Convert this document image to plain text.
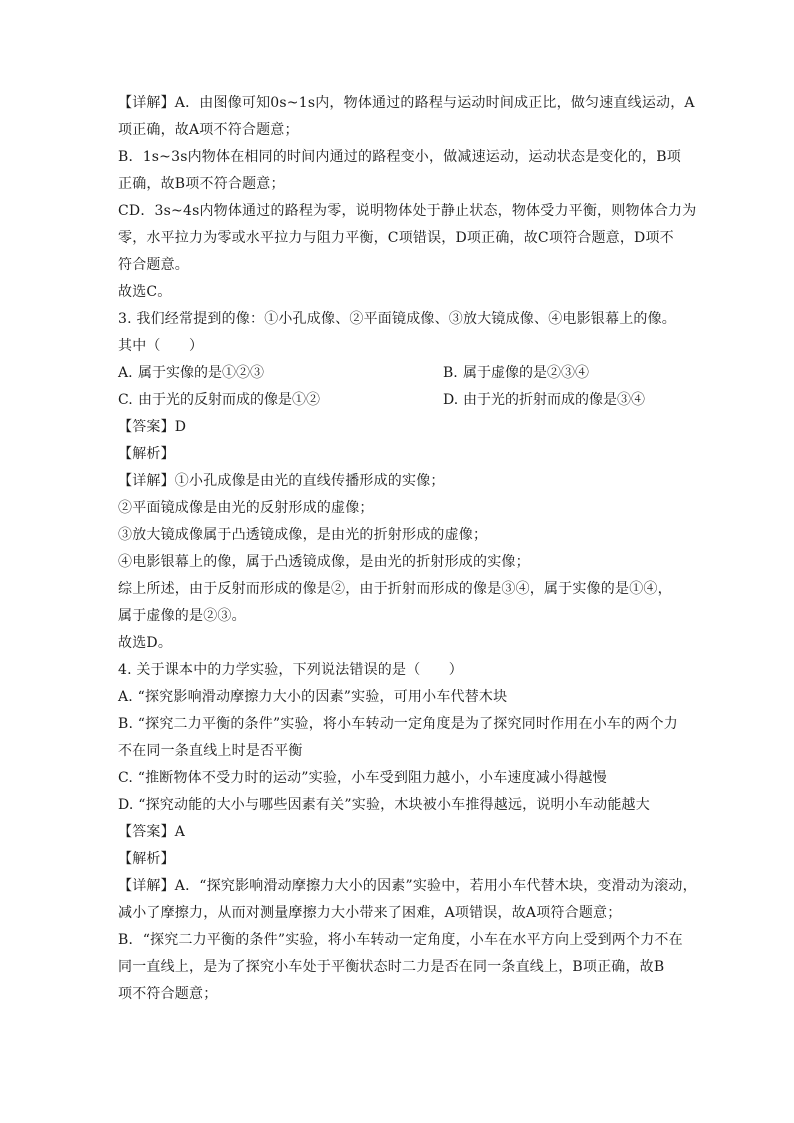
【详解】A．由图像可知0s~1s内，物体通过的路程与运动时间成正比，做匀速直线运动，A
项正确，故A项不符合题意；
B．1s~3s内物体在相同的时间内通过的路程变小，做减速运动，运动状态是变化的，B项
正确，故B项不符合题意；
CD．3s~4s内物体通过的路程为零，说明物体处于静止状态，物体受力平衡，则物体合力为
零，水平拉力为零或水平拉力与阻力平衡，C项错误，D项正确，故C项符合题意，D项不
符合题意。
故选C。
3. 我们经常提到的像：①小孔成像、②平面镜成像、③放大镜成像、④电影银幕上的像。
其中（　　）
A. 属于实像的是①②③	B. 属于虚像的是②③④
C. 由于光的反射而成的像是①②	D. 由于光的折射而成的像是③④
【答案】D
【解析】
【详解】①小孔成像是由光的直线传播形成的实像；
②平面镜成像是由光的反射形成的虚像；
③放大镜成像属于凸透镜成像，是由光的折射形成的虚像；
④电影银幕上的像，属于凸透镜成像，是由光的折射形成的实像；
综上所述，由于反射而形成的像是②，由于折射而形成的像是③④，属于实像的是①④，
属于虚像的是②③。
故选D。
4. 关于课本中的力学实验，下列说法错误的是（　　）
A. “探究影响滑动摩擦力大小的因素”实验，可用小车代替木块
B. “探究二力平衡的条件”实验，将小车转动一定角度是为了探究同时作用在小车的两个力
不在同一条直线上时是否平衡
C. “推断物体不受力时的运动”实验，小车受到阻力越小，小车速度减小得越慢
D. “探究动能的大小与哪些因素有关”实验，木块被小车推得越远，说明小车动能越大
【答案】A
【解析】
【详解】A．“探究影响滑动摩擦力大小的因素”实验中，若用小车代替木块，变滑动为滚动，
减小了摩擦力，从而对测量摩擦力大小带来了困难，A项错误，故A项符合题意；
B．“探究二力平衡的条件”实验，将小车转动一定角度，小车在水平方向上受到两个力不在
同一直线上，是为了探究小车处于平衡状态时二力是否在同一条直线上，B项正确，故B
项不符合题意；
